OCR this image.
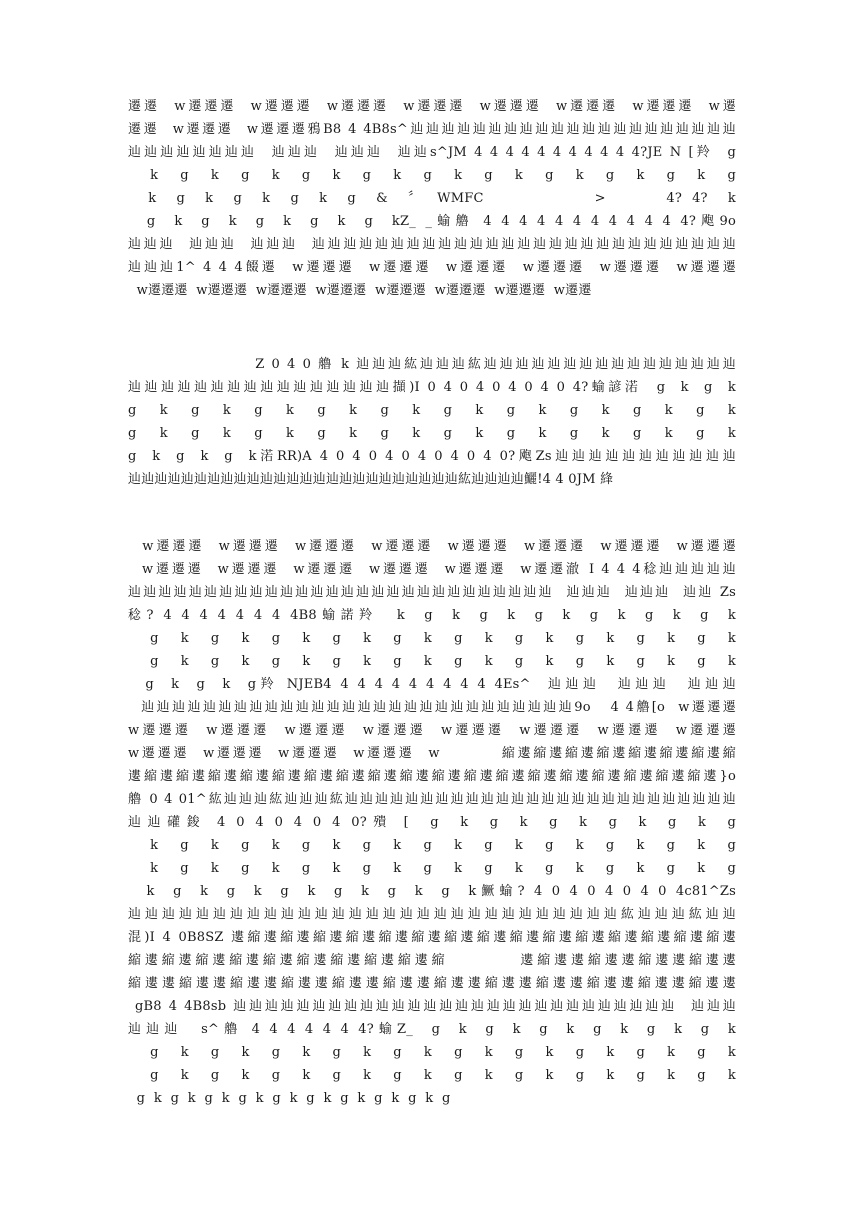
遷遷  w遷遷遷  w遷遷遷  w遷遷遷  w遷遷遷  w遷遷遷  w遷遷遷  w遷遷遷  w遷
遷遷  w遷遷遷  w遷遷遷鴉B8 4 4B8s^辿辿辿辿辿辿辿辿辿辿辿辿辿辿辿辿辿辿辿辿辿
辿辿辿辿辿辿辿辿  辿辿辿  辿辿辿  辿辿s^JM 4 4 4 4 4 4 4 4 4 4 4?JE N [羚  g
k  g  k  g  k  g  k  g  k  g  k  g  k  g  k  g  k  g  k  g
k  g  k  g  k  g  k  g  &  〞 WMFC           >      4? 4?  k
g  k  g  k  g  k  g  k  g  kZ_ _蝓艪 4 4 4 4 4 4 4 4 4 4 4 4?飑9o
辿辿辿  辿辿辿  辿辿辿  辿辿辿辿辿辿辿辿辿辿辿辿辿辿辿辿辿辿辿辿辿辿辿辿辿辿辿
辿辿辿1^ 4 4 4餟遷  w遷遷遷  w遷遷遷  w遷遷遷  w遷遷遷  w遷遷遷  w遷遷遷
w遷遷遷  w遷遷遷  w遷遷遷  w遷遷遷  w遷遷遷  w遷遷遷  w遷遷遷  w遷遷
Z 0 4 0 艪 k 辿辿辿紘辿辿辿紘辿辿辿辿辿辿辿辿辿辿辿辿辿辿辿辿
辿辿辿辿辿辿辿辿辿辿辿辿辿辿辿辿擷)I 0 4 0 4 0 4 0 4 0 4?蝓諺渃  g  k  g  k
g  k  g  k  g  k  g  k  g  k  g  k  g  k  g  k  g  k  g  k
g  k  g  k  g  k  g  k  g  k  g  k  g  k  g  k  g  k  g  k
g  k  g  k  g  k渃RR)A 4 0 4 0 4 0 4 0 4 0 4 0?飑Zs辿辿辿辿辿辿辿辿辿辿辿
辿辿辿辿辿辿辿辿辿辿辿辿辿辿辿辿辿辿辿辿辿辿辿辿辿紘辿辿辿辿鱺!4 4 0JM 綘
w遷遷遷  w遷遷遷  w遷遷遷  w遷遷遷  w遷遷遷  w遷遷遷  w遷遷遷  w遷遷遷
w遷遷遷  w遷遷遷  w遷遷遷  w遷遷遷  w遷遷遷  w遷遷澈 I 4 4 4稔辿辿辿辿辿
辿辿辿辿辿辿辿辿辿辿辿辿辿辿辿辿辿辿辿辿辿辿辿辿辿辿辿辿  辿辿辿  辿辿辿  辿辿 Zs
稔? 4 4 4 4 4 4 4 4B8蝓諾羚  k  g  k  g  k  g  k  g  k  g  k  g  k
g  k  g  k  g  k  g  k  g  k  g  k  g  k  g  k  g  k  g  k
g  k  g  k  g  k  g  k  g  k  g  k  g  k  g  k  g  k  g  k
g  k  g  k  g羚 NJEB4 4 4 4 4 4 4 4 4 4 4Es^  辿辿辿  辿辿辿  辿辿辿
辿辿辿辿辿辿辿辿辿辿辿辿辿辿辿辿辿辿辿辿辿辿辿辿辿辿辿辿9o   4 4艪[o  w遷遷遷
w遷遷遷  w遷遷遷  w遷遷遷  w遷遷遷  w遷遷遷  w遷遷遷  w遷遷遷  w遷遷遷
w遷遷遷  w遷遷遷  w遷遷遷  w遷遷遷  w         縮遱縮遱縮遱縮遱縮遱縮遱縮遱縮
遱縮遱縮遱縮遱縮遱縮遱縮遱縮遱縮遱縮遱縮遱縮遱縮遱縮遱縮遱縮遱縮遱縮遱縮遱}o
艪 0 4 01^紘辿辿辿紘辿辿辿紘辿辿辿辿辿辿辿辿辿辿辿辿辿辿辿辿辿辿辿辿辿辿辿辿辿辿
辿辿礶鋑 4 0 4 0 4 0 4 0?殨 [  g  k  g  k  g  k  g  k  g  k  g
k  g  k  g  k  g  k  g  k  g  k  g  k  g  k  g  k  g  k  g
k  g  k  g  k  g  k  g  k  g  k  g  k  g  k  g  k  g  k  g
k  g  k  g  k  g  k  g  k  g  k  g  k鱖蝓? 4 0 4 0 4 0 4 0 4c81^Zs
辿辿辿辿辿辿辿辿辿辿辿辿辿辿辿辿辿辿辿辿辿辿辿辿辿辿辿辿辿紘辿辿辿紘辿辿
混)I 4 0B8SZ 遱縮遱縮遱縮遱縮遱縮遱縮遱縮遱縮遱縮遱縮遱縮遱縮遱縮遱縮遱縮遱
縮遱縮遱縮遱縮遱縮遱縮遱縮遱縮遱縮遱縮         遱縮遱遱縮遱遱縮遱遱縮遱遱
縮遱遱縮遱遱縮遱遱縮遱遱縮遱遱縮遱遱縮遱遱縮遱遱縮遱遱縮遱遱縮遱遱縮遱遱
gB8 4 4B8sb 辿辿辿辿辿辿辿辿辿辿辿辿辿辿辿辿辿辿辿辿辿辿辿辿辿辿辿辿  辿辿辿
辿辿辿  s^艪 4 4 4 4 4 4 4?蝓Z_  g  k  g  k  g  k  g  k  g  k  g  k
g  k  g  k  g  k  g  k  g  k  g  k  g  k  g  k  g  k  g  k
g  k  g  k  g  k  g  k  g  k  g  k  g  k  g  k  g  k  g  k
g  k  g  k  g  k  g  k  g  k  g  k  g  k  g  k  g  k  g
